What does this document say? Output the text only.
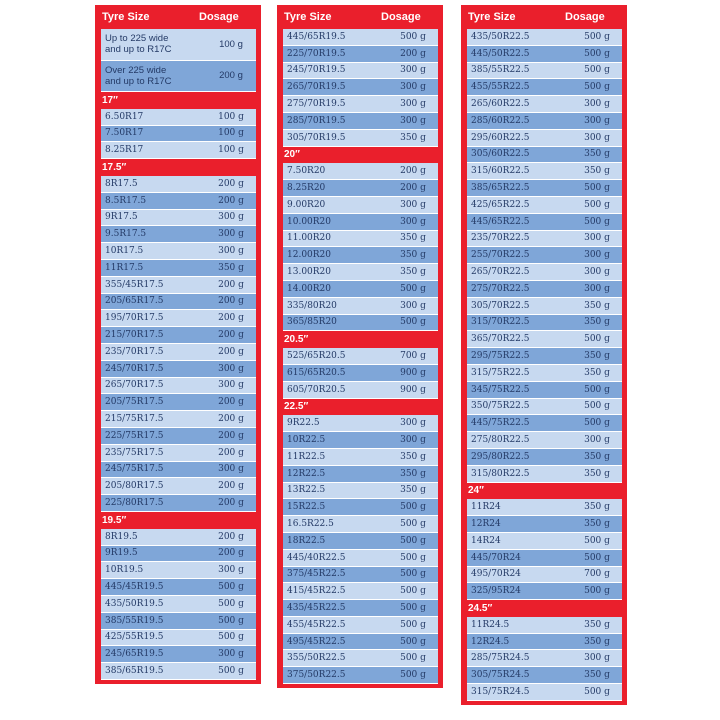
Tyre Size	Dosage
Up to 225 wide
and up to R17C	100 g
Over 225 wide
and up to R17C	200 g
17″
6.50R17	100 g
7.50R17	100 g
8.25R17	100 g
17.5″
8R17.5	200 g
8.5R17.5	200 g
9R17.5	300 g
9.5R17.5	300 g
10R17.5	300 g
11R17.5	350 g
355/45R17.5	200 g
205/65R17.5	200 g
195/70R17.5	200 g
215/70R17.5	200 g
235/70R17.5	200 g
245/70R17.5	300 g
265/70R17.5	300 g
205/75R17.5	200 g
215/75R17.5	200 g
225/75R17.5	200 g
235/75R17.5	200 g
245/75R17.5	300 g
205/80R17.5	200 g
225/80R17.5	200 g
19.5″
8R19.5	200 g
9R19.5	200 g
10R19.5	300 g
445/45R19.5	500 g
435/50R19.5	500 g
385/55R19.5	500 g
425/55R19.5	500 g
245/65R19.5	300 g
385/65R19.5	500 g
Tyre Size	Dosage
445/65R19.5	500 g
225/70R19.5	200 g
245/70R19.5	300 g
265/70R19.5	300 g
275/70R19.5	300 g
285/70R19.5	300 g
305/70R19.5	350 g
20″
7.50R20	200 g
8.25R20	200 g
9.00R20	300 g
10.00R20	300 g
11.00R20	350 g
12.00R20	350 g
13.00R20	350 g
14.00R20	500 g
335/80R20	300 g
365/85R20	500 g
20.5″
525/65R20.5	700 g
615/65R20.5	900 g
605/70R20.5	900 g
22.5″
9R22.5	300 g
10R22.5	300 g
11R22.5	350 g
12R22.5	350 g
13R22.5	350 g
15R22.5	500 g
16.5R22.5	500 g
18R22.5	500 g
445/40R22.5	500 g
375/45R22.5	500 g
415/45R22.5	500 g
435/45R22.5	500 g
455/45R22.5	500 g
495/45R22.5	500 g
355/50R22.5	500 g
375/50R22.5	500 g
Tyre Size	Dosage
435/50R22.5	500 g
445/50R22.5	500 g
385/55R22.5	500 g
455/55R22.5	500 g
265/60R22.5	300 g
285/60R22.5	300 g
295/60R22.5	300 g
305/60R22.5	350 g
315/60R22.5	350 g
385/65R22.5	500 g
425/65R22.5	500 g
445/65R22.5	500 g
235/70R22.5	300 g
255/70R22.5	300 g
265/70R22.5	300 g
275/70R22.5	300 g
305/70R22.5	350 g
315/70R22.5	350 g
365/70R22.5	500 g
295/75R22.5	350 g
315/75R22.5	350 g
345/75R22.5	500 g
350/75R22.5	500 g
445/75R22.5	500 g
275/80R22.5	300 g
295/80R22.5	350 g
315/80R22.5	350 g
24″
11R24	350 g
12R24	350 g
14R24	500 g
445/70R24	500 g
495/70R24	700 g
325/95R24	500 g
24.5″
11R24.5	350 g
12R24.5	350 g
285/75R24.5	300 g
305/75R24.5	350 g
315/75R24.5	500 g
